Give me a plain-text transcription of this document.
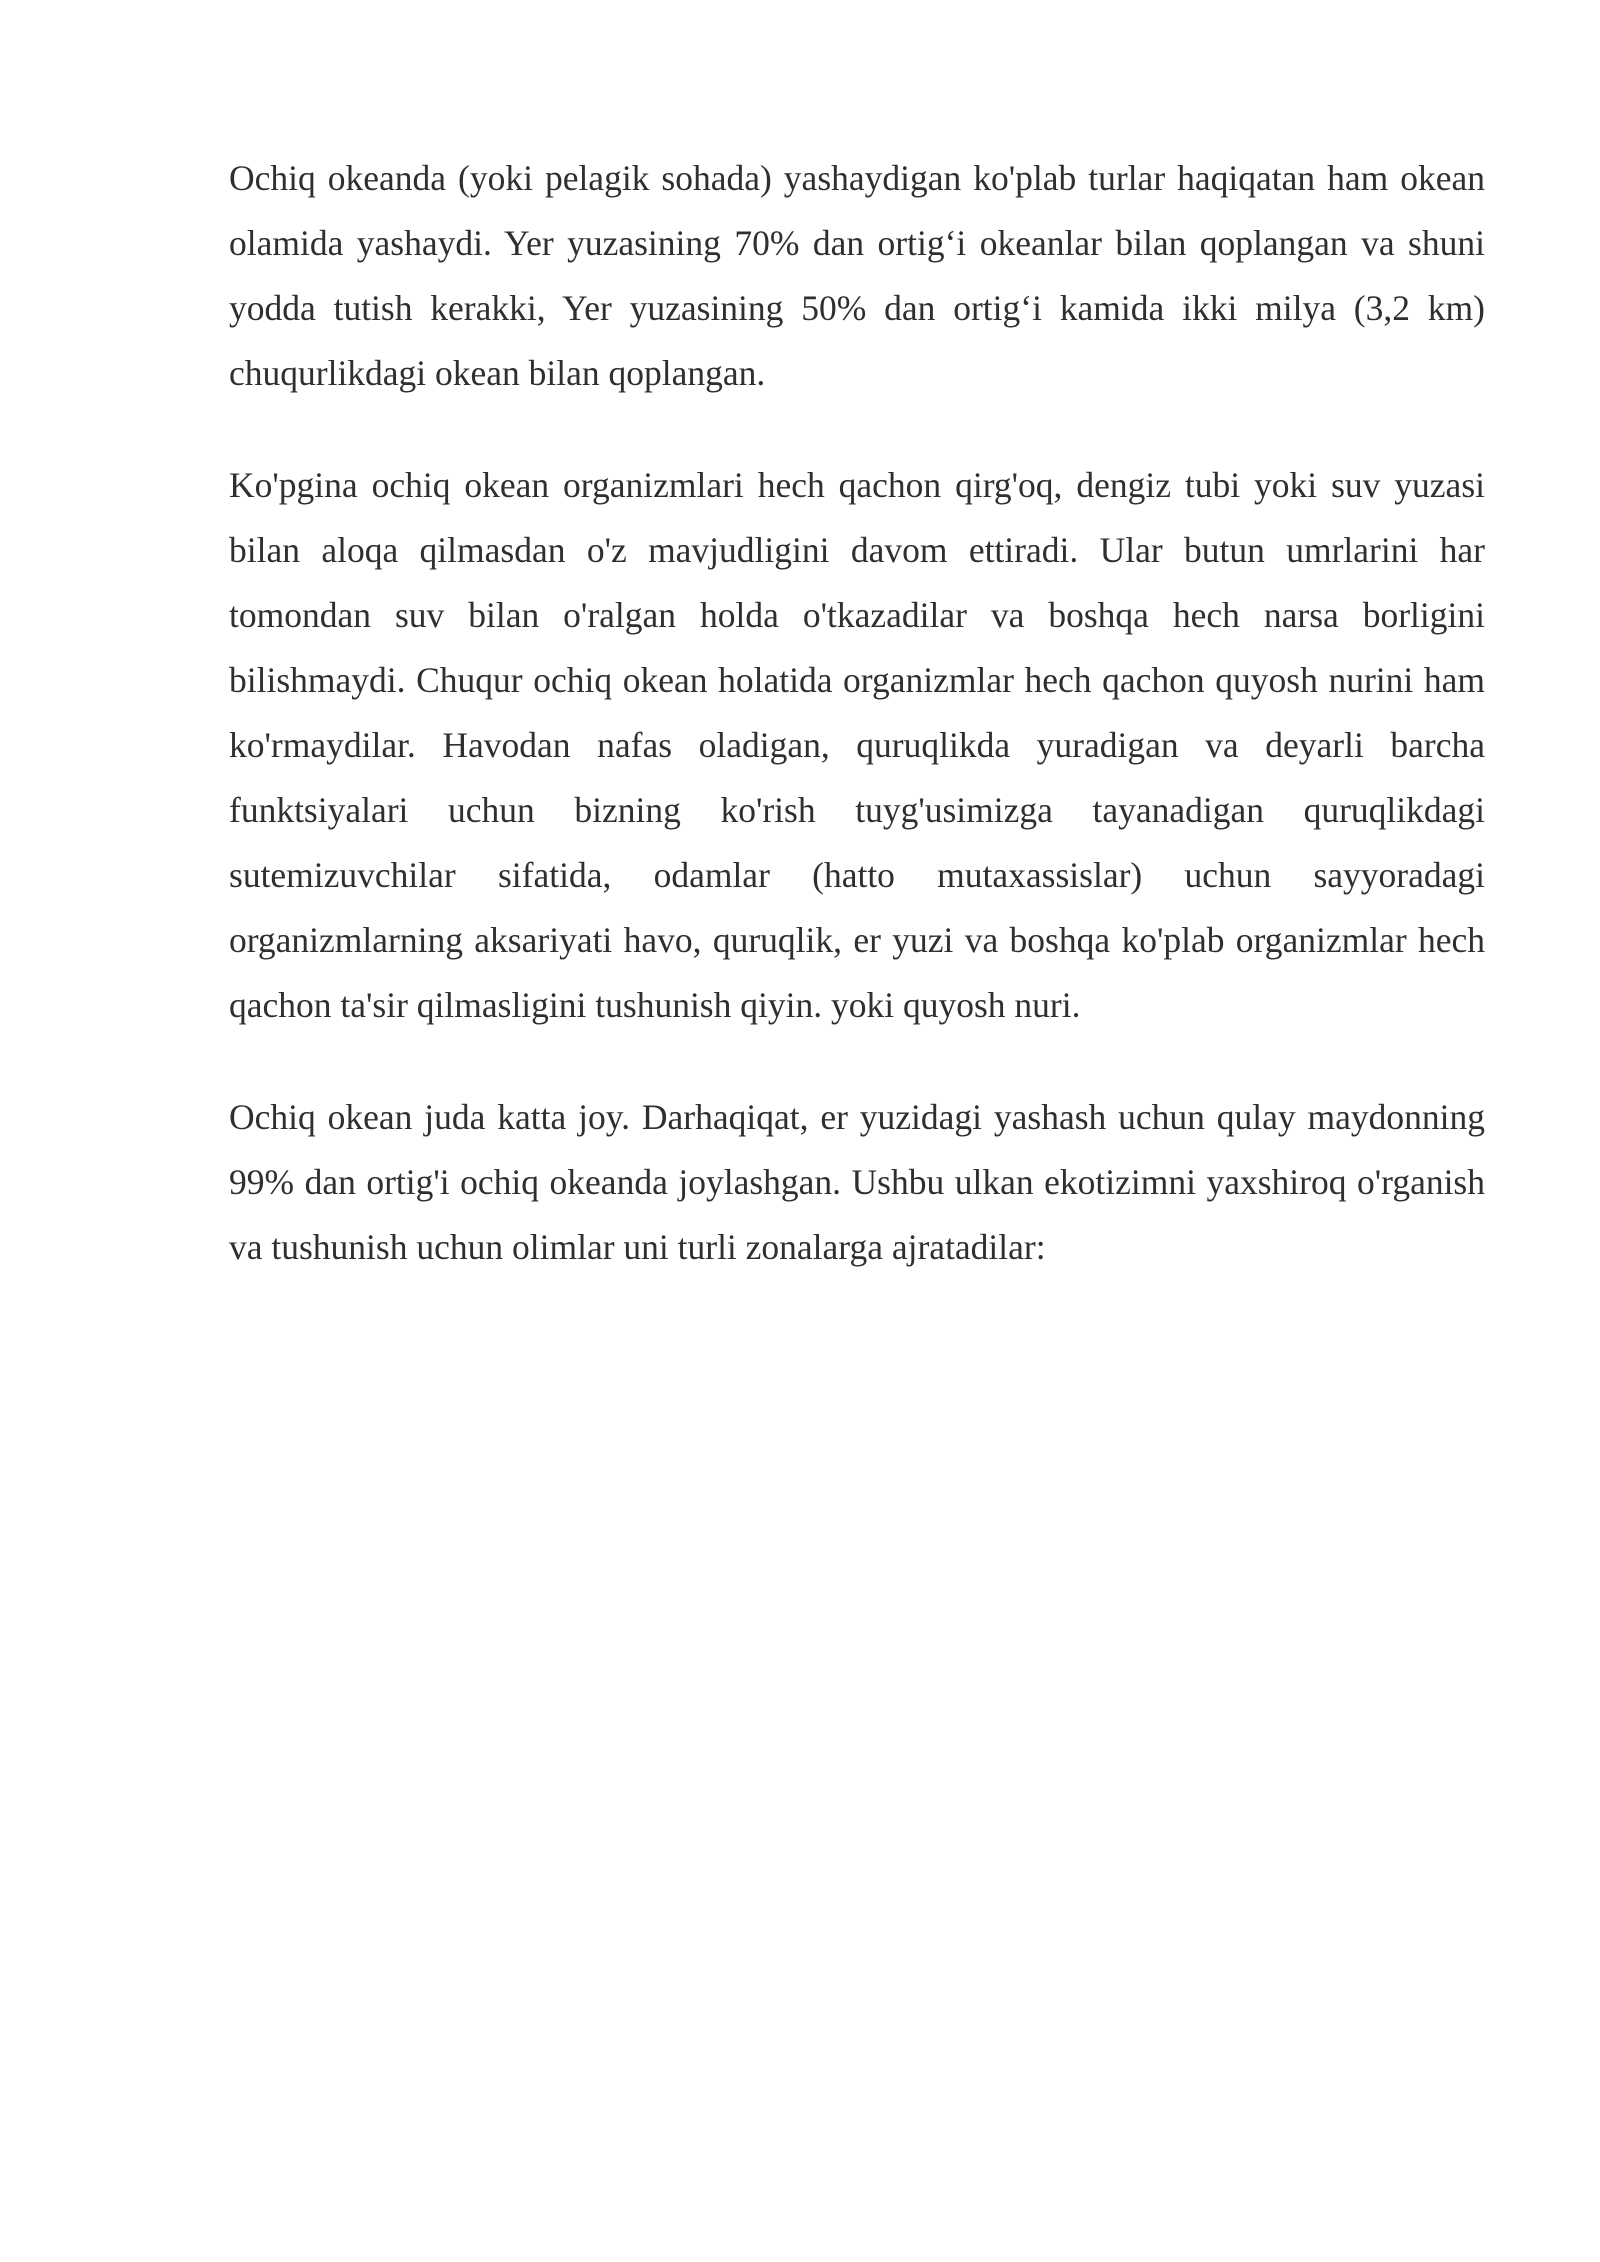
Ochiq okeanda (yoki pelagik sohada) yashaydigan ko'plab turlar haqiqatan ham okean olamida yashaydi. Yer yuzasining 70% dan ortig‘i okeanlar bilan qoplangan va shuni yodda tutish kerakki, Yer yuzasining 50% dan ortig‘i kamida ikki milya (3,2 km) chuqurlikdagi okean bilan qoplangan.

Ko'pgina ochiq okean organizmlari hech qachon qirg'oq, dengiz tubi yoki suv yuzasi bilan aloqa qilmasdan o'z mavjudligini davom ettiradi. Ular butun umrlarini har tomondan suv bilan o'ralgan holda o'tkazadilar va boshqa hech narsa borligini bilishmaydi. Chuqur ochiq okean holatida organizmlar hech qachon quyosh nurini ham ko'rmaydilar. Havodan nafas oladigan, quruqlikda yuradigan va deyarli barcha funktsiyalari uchun bizning ko'rish tuyg'usimizga tayanadigan quruqlikdagi sutemizuvchilar sifatida, odamlar (hatto mutaxassislar) uchun sayyoradagi organizmlarning aksariyati havo, quruqlik, er yuzi va boshqa ko'plab organizmlar hech qachon ta'sir qilmasligini tushunish qiyin. yoki quyosh nuri.

Ochiq okean juda katta joy. Darhaqiqat, er yuzidagi yashash uchun qulay maydonning 99% dan ortig'i ochiq okeanda joylashgan. Ushbu ulkan ekotizimni yaxshiroq o'rganish va tushunish uchun olimlar uni turli zonalarga ajratadilar:
